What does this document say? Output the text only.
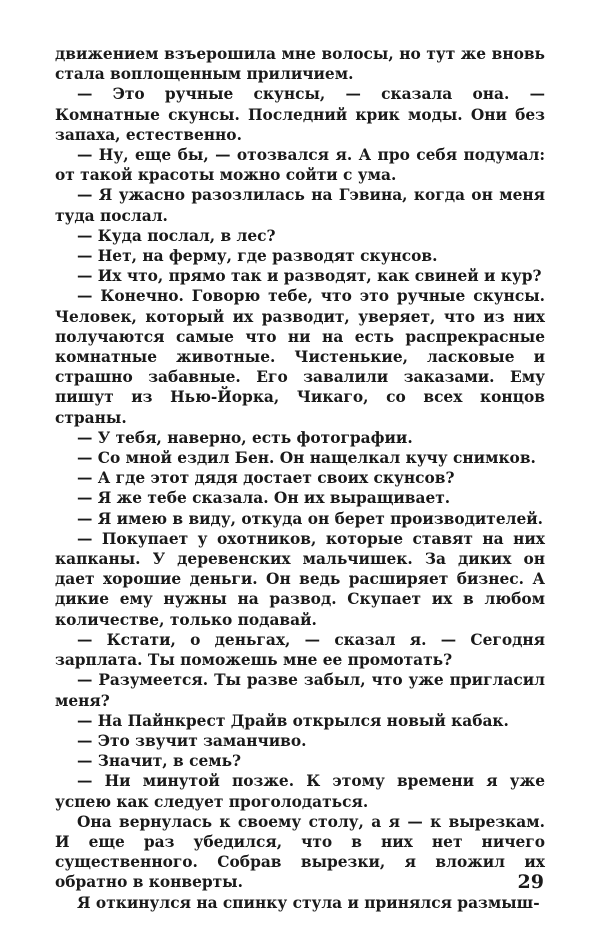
движением взъерошила мне волосы, но тут же вновь стала воплощенным приличием.

— Это ручные скунсы, — сказала она. — Комнатные скунсы. Последний крик моды. Они без запаха, естественно.

— Ну, еще бы, — отозвался я. А про себя подумал: от такой красоты можно сойти с ума.

— Я ужасно разозлилась на Гэвина, когда он меня туда послал.

— Куда послал, в лес?

— Нет, на ферму, где разводят скунсов.

— Их что, прямо так и разводят, как свиней и кур?

— Конечно. Говорю тебе, что это ручные скунсы. Человек, который их разводит, уверяет, что из них получаются самые что ни на есть распрекрасные комнатные животные. Чистенькие, ласковые и страшно забавные. Его завалили заказами. Ему пишут из Нью-Йорка, Чикаго, со всех концов страны.

— У тебя, наверно, есть фотографии.

— Со мной ездил Бен. Он нащелкал кучу снимков.

— А где этот дядя достает своих скунсов?

— Я же тебе сказала. Он их выращивает.

— Я имею в виду, откуда он берет производителей.

— Покупает у охотников, которые ставят на них капканы. У деревенских мальчишек. За диких он дает хорошие деньги. Он ведь расширяет бизнес. А дикие ему нужны на развод. Скупает их в любом количестве, только подавай.

— Кстати, о деньгах, — сказал я. — Сегодня зарплата. Ты поможешь мне ее промотать?

— Разумеется. Ты разве забыл, что уже пригласил меня?

— На Пайнкрест Драйв открылся новый кабак.

— Это звучит заманчиво.

— Значит, в семь?

— Ни минутой позже. К этому времени я уже успею как следует проголодаться.

Она вернулась к своему столу, а я — к вырезкам. И еще раз убедился, что в них нет ничего существенного. Собрав вырезки, я вложил их обратно в конверты.

Я откинулся на спинку стула и принялся размыш-

29
